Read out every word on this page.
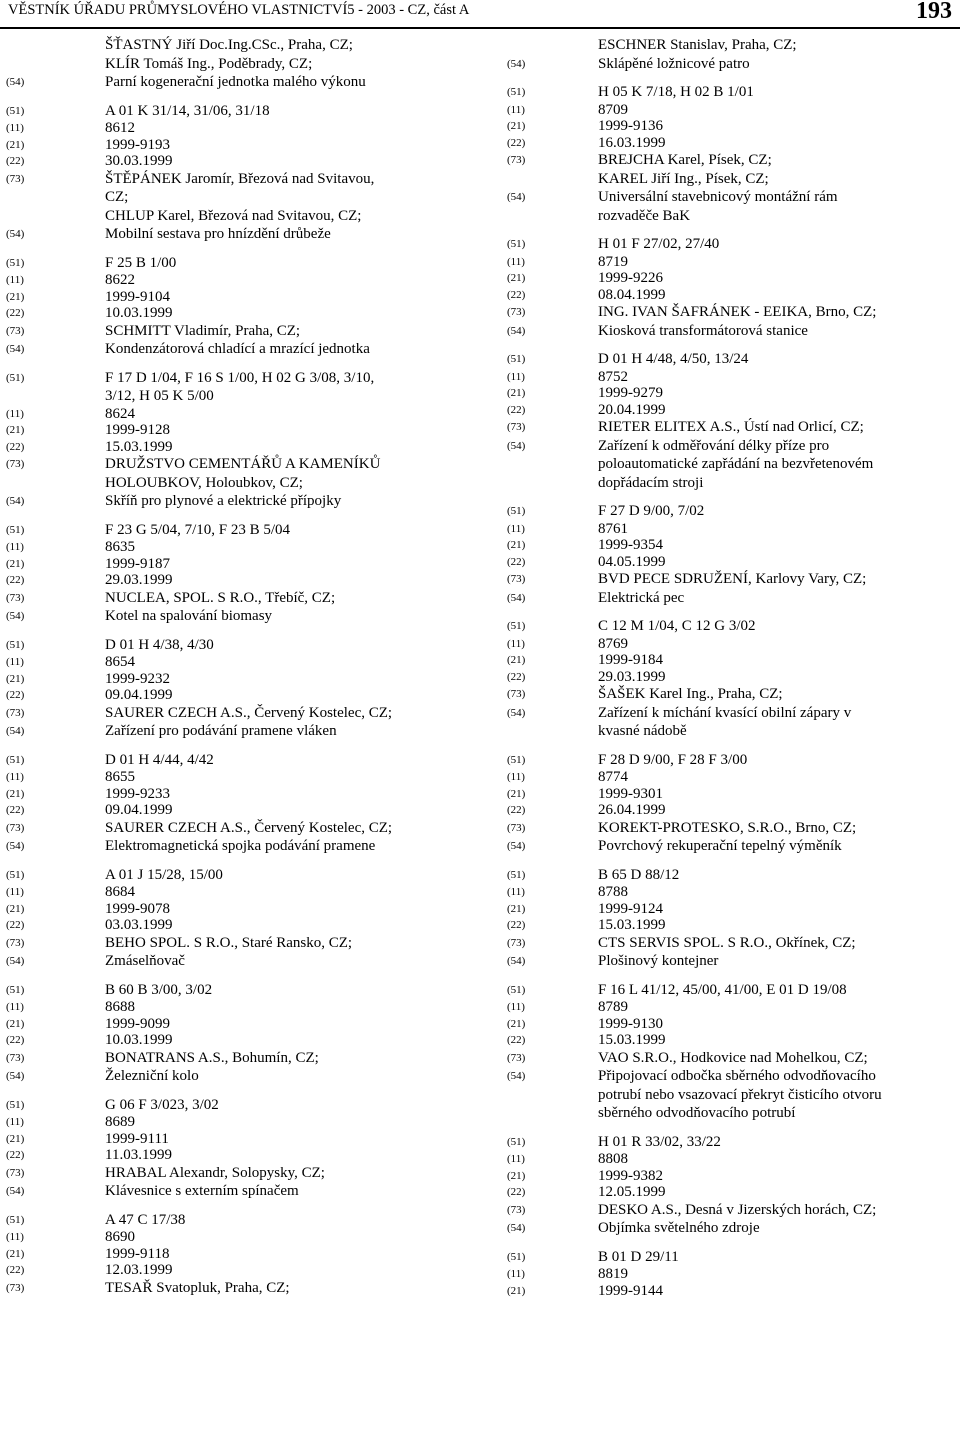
VĚSTNÍK ÚŘADU PRŮMYSLOVÉHO VLASTNICTVÍ5 - 2003 - CZ, část A	193
ŠŤASTNÝ Jiří Doc.Ing.CSc., Praha, CZ;
KLÍR Tomáš Ing., Poděbrady, CZ;
(54)	Parní kogenerační jednotka malého výkonu
(51)	A 01 K 31/14, 31/06, 31/18
(11)	8612
(21)	1999-9193
(22)	30.03.1999
(73)	ŠTĚPÁNEK Jaromír, Březová nad Svitavou,
CZ;
CHLUP Karel, Březová nad Svitavou, CZ;
(54)	Mobilní sestava pro hnízdění drůbeže
(51)	F 25 B 1/00
(11)	8622
(21)	1999-9104
(22)	10.03.1999
(73)	SCHMITT Vladimír, Praha, CZ;
(54)	Kondenzátorová chladící a mrazící jednotka
(51)	F 17 D 1/04, F 16 S 1/00, H 02 G 3/08, 3/10,
3/12, H 05 K 5/00
(11)	8624
(21)	1999-9128
(22)	15.03.1999
(73)	DRUŽSTVO CEMENTÁŘŮ A KAMENÍKŮ
HOLOUBKOV, Holoubkov, CZ;
(54)	Skříň pro plynové a elektrické přípojky
(51)	F 23 G 5/04, 7/10, F 23 B 5/04
(11)	8635
(21)	1999-9187
(22)	29.03.1999
(73)	NUCLEA, SPOL. S R.O., Třebíč, CZ;
(54)	Kotel na spalování biomasy
(51)	D 01 H 4/38, 4/30
(11)	8654
(21)	1999-9232
(22)	09.04.1999
(73)	SAURER CZECH A.S., Červený Kostelec, CZ;
(54)	Zařízení pro podávání pramene vláken
(51)	D 01 H 4/44, 4/42
(11)	8655
(21)	1999-9233
(22)	09.04.1999
(73)	SAURER CZECH A.S., Červený Kostelec, CZ;
(54)	Elektromagnetická spojka podávání pramene
(51)	A 01 J 15/28, 15/00
(11)	8684
(21)	1999-9078
(22)	03.03.1999
(73)	BEHO SPOL. S R.O., Staré Ransko, CZ;
(54)	Zmáselňovač
(51)	B 60 B 3/00, 3/02
(11)	8688
(21)	1999-9099
(22)	10.03.1999
(73)	BONATRANS A.S., Bohumín, CZ;
(54)	Železniční kolo
(51)	G 06 F 3/023, 3/02
(11)	8689
(21)	1999-9111
(22)	11.03.1999
(73)	HRABAL Alexandr, Solopysky, CZ;
(54)	Klávesnice s externím spínačem
(51)	A 47 C 17/38
(11)	8690
(21)	1999-9118
(22)	12.03.1999
(73)	TESAŘ Svatopluk, Praha, CZ;
ESCHNER Stanislav, Praha, CZ;
(54)	Sklápěné ložnicové patro
(51)	H 05 K 7/18, H 02 B 1/01
(11)	8709
(21)	1999-9136
(22)	16.03.1999
(73)	BREJCHA Karel, Písek, CZ;
KAREL Jiří Ing., Písek, CZ;
(54)	Universální stavebnicový montážní rám
rozvaděče BaK
(51)	H 01 F 27/02, 27/40
(11)	8719
(21)	1999-9226
(22)	08.04.1999
(73)	ING. IVAN ŠAFRÁNEK - EEIKA, Brno, CZ;
(54)	Kiosková transformátorová stanice
(51)	D 01 H 4/48, 4/50, 13/24
(11)	8752
(21)	1999-9279
(22)	20.04.1999
(73)	RIETER ELITEX A.S., Ústí nad Orlicí, CZ;
(54)	Zařízení k odměřování délky příze pro
poloautomatické zapřádání na bezvřetenovém
dopřádacím stroji
(51)	F 27 D 9/00, 7/02
(11)	8761
(21)	1999-9354
(22)	04.05.1999
(73)	BVD PECE SDRUŽENÍ, Karlovy Vary, CZ;
(54)	Elektrická pec
(51)	C 12 M 1/04, C 12 G 3/02
(11)	8769
(21)	1999-9184
(22)	29.03.1999
(73)	ŠAŠEK Karel Ing., Praha, CZ;
(54)	Zařízení k míchání kvasící obilní zápary v
kvasné nádobě
(51)	F 28 D 9/00, F 28 F 3/00
(11)	8774
(21)	1999-9301
(22)	26.04.1999
(73)	KOREKT-PROTESKO, S.R.O., Brno, CZ;
(54)	Povrchový rekuperační tepelný výměník
(51)	B 65 D 88/12
(11)	8788
(21)	1999-9124
(22)	15.03.1999
(73)	CTS SERVIS SPOL. S R.O., Okřínek, CZ;
(54)	Plošinový kontejner
(51)	F 16 L 41/12, 45/00, 41/00, E 01 D 19/08
(11)	8789
(21)	1999-9130
(22)	15.03.1999
(73)	VAO S.R.O., Hodkovice nad Mohelkou, CZ;
(54)	Připojovací odbočka sběrného odvodňovacího
potrubí nebo vsazovací překryt čisticího otvoru
sběrného odvodňovacího potrubí
(51)	H 01 R 33/02, 33/22
(11)	8808
(21)	1999-9382
(22)	12.05.1999
(73)	DESKO A.S., Desná v Jizerských horách, CZ;
(54)	Objímka světelného zdroje
(51)	B 01 D 29/11
(11)	8819
(21)	1999-9144
